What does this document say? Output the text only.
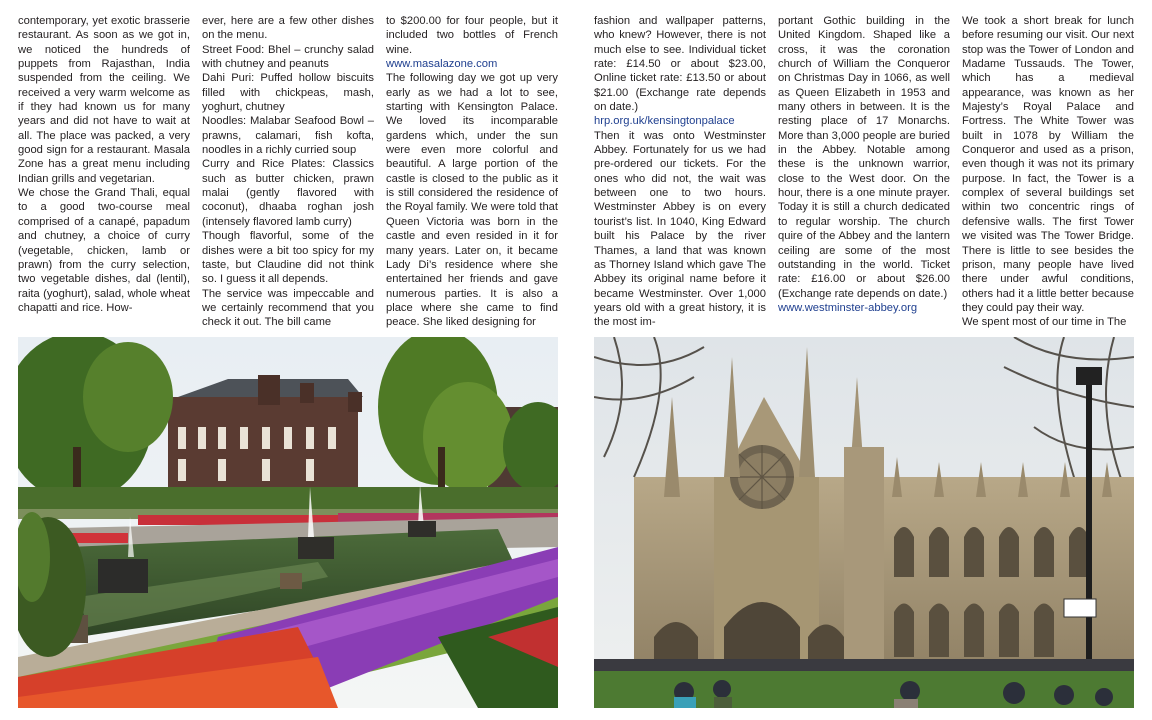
contemporary, yet exotic brasserie restaurant. As soon as we got in, we noticed the hundreds of puppets from Rajasthan, India suspended from the ceiling. We received a very warm welcome as if they had known us for many years and did not have to wait at all. The place was packed, a very good sign for a restaurant. Masala Zone has a great menu including Indian grills and vegetarian.

We chose the Grand Thali, equal to a good two-course meal comprised of a canapé, papadum and chutney, a choice of curry (vegetable, chicken, lamb or prawn) from the curry selection, two vegetable dishes, dal (lentil), raita (yoghurt), salad, whole wheat chapatti and rice. How-

ever, here are a few other dishes on the menu.

Street Food: Bhel – crunchy salad with chutney and peanuts

Dahi Puri: Puffed hollow biscuits filled with chickpeas, mash, yoghurt, chutney

Noodles: Malabar Seafood Bowl – prawns, calamari, fish kofta, noodles in a richly curried soup

Curry and Rice Plates: Classics such as butter chicken, prawn malai (gently flavored with coconut), dhaaba roghan josh (intensely flavored lamb curry)

Though flavorful, some of the dishes were a bit too spicy for my taste, but Claudine did not think so. I guess it all depends.

The service was impeccable and we certainly recommend that you check it out. The bill came

to $200.00 for four people, but it included two bottles of French wine.

www.masalazone.com

The following day we got up very early as we had a lot to see, starting with Kensington Palace. We loved its incomparable gardens which, under the sun were even more colorful and beautiful. A large portion of the castle is closed to the public as it is still considered the residence of the Royal family. We were told that Queen Victoria was born in the castle and even resided in it for many years. Later on, it became Lady Di’s residence where she entertained her friends and gave numerous parties. It is also a place where she came to find peace. She liked designing for

fashion and wallpaper patterns, who knew? However, there is not much else to see. Individual ticket rate: £14.50 or about $23.00, Online ticket rate: £13.50 or about $21.00 (Exchange rate depends on date.)

hrp.org.uk/kensingtonpalace

Then it was onto Westminster Abbey. Fortunately for us we had pre-ordered our tickets. For the ones who did not, the wait was between one to two hours. Westminster Abbey is on every tourist’s list. In 1040, King Edward built his Palace by the river Thames, a land that was known as Thorney Island which gave The Abbey its original name before it became Westminster. Over 1,000 years old with a great history, it is the most im-

portant Gothic building in the United Kingdom. Shaped like a cross, it was the coronation church of William the Conqueror on Christmas Day in 1066, as well as Queen Elizabeth in 1953 and many others in between. It is the resting place of 17 Monarchs. More than 3,000 people are buried in the Abbey. Notable among these is the unknown warrior, close to the West door. On the hour, there is a one minute prayer. Today it is still a church dedicated to regular worship. The church quire of the Abbey and the lantern ceiling are some of the most outstanding in the world. Ticket rate: £16.00 or about $26.00 (Exchange rate depends on date.)

www.westminster-abbey.org

We took a short break for lunch before resuming our visit. Our next stop was the Tower of London and Madame Tussauds. The Tower, which has a medieval appearance, was known as her Majesty’s Royal Palace and Fortress. The White Tower was built in 1078 by William the Conqueror and used as a prison, even though it was not its primary purpose. In fact, the Tower is a complex of several buildings set within two concentric rings of defensive walls. The first Tower we visited was The Tower Bridge. There is little to see besides the prison, many people have lived there under awful conditions, others had it a little better because they could pay their way.

We spent most of our time in The
